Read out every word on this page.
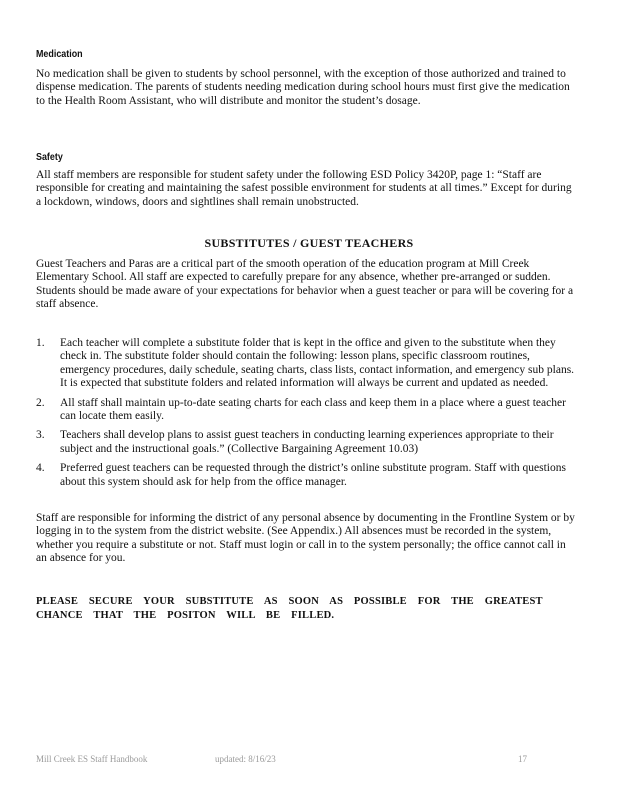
Medication

No medication shall be given to students by school personnel, with the exception of those authorized and trained to dispense medication. The parents of students needing medication during school hours must first give the medication to the Health Room Assistant, who will distribute and monitor the student’s dosage.

Safety

All staff members are responsible for student safety under the following ESD Policy 3420P, page 1: “Staff are responsible for creating and maintaining the safest possible environment for students at all times.” Except for during a lockdown, windows, doors and sightlines shall remain unobstructed.

SUBSTITUTES / GUEST TEACHERS

Guest Teachers and Paras are a critical part of the smooth operation of the education program at Mill Creek Elementary School. All staff are expected to carefully prepare for any absence, whether pre-arranged or sudden. Students should be made aware of your expectations for behavior when a guest teacher or para will be covering for a staff absence.

1. Each teacher will complete a substitute folder that is kept in the office and given to the substitute when they check in. The substitute folder should contain the following: lesson plans, specific classroom routines, emergency procedures, daily schedule, seating charts, class lists, contact information, and emergency sub plans. It is expected that substitute folders and related information will always be current and updated as needed.
2. All staff shall maintain up-to-date seating charts for each class and keep them in a place where a guest teacher can locate them easily.
3. Teachers shall develop plans to assist guest teachers in conducting learning experiences appropriate to their subject and the instructional goals.” (Collective Bargaining Agreement 10.03)
4. Preferred guest teachers can be requested through the district’s online substitute program. Staff with questions about this system should ask for help from the office manager.

Staff are responsible for informing the district of any personal absence by documenting in the Frontline System or by logging in to the system from the district website. (See Appendix.) All absences must be recorded in the system, whether you require a substitute or not. Staff must login or call in to the system personally; the office cannot call in an absence for you.

PLEASE SECURE YOUR SUBSTITUTE AS SOON AS POSSIBLE FOR THE GREATEST CHANCE THAT THE POSITON WILL BE FILLED.
Mill Creek ES Staff Handbook	updated: 8/16/23	17
